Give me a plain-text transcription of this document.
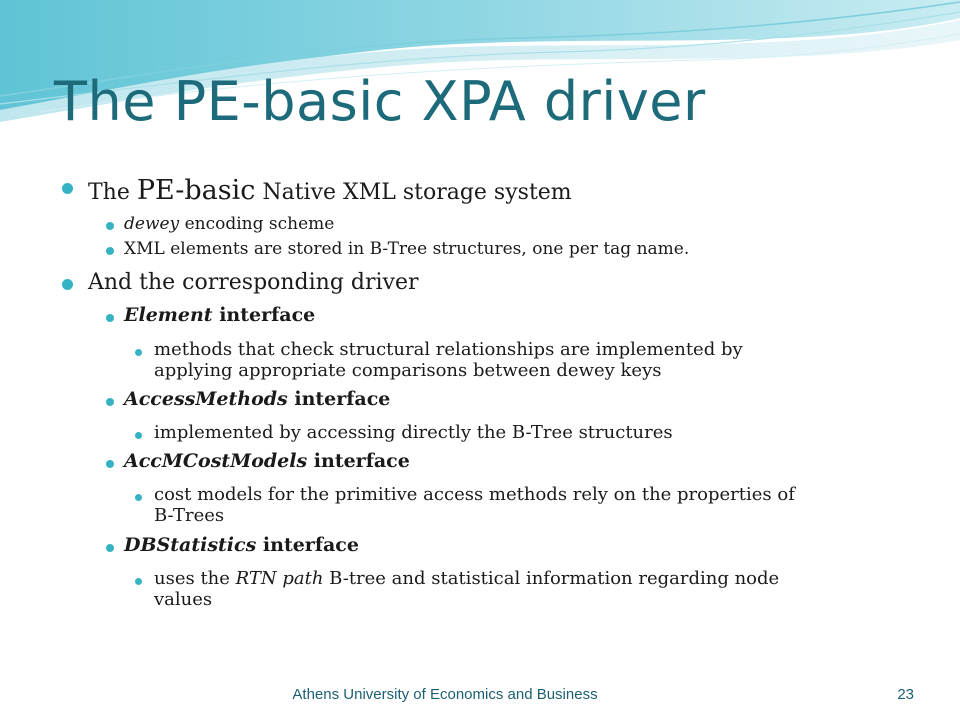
The PE-basic XPA driver
The PE-basic Native XML storage system
dewey encoding scheme
XML elements are stored in B-Tree structures, one per tag name.
And the corresponding driver
Element interface
methods that check structural relationships are implemented by
applying appropriate comparisons between dewey keys
AccessMethods interface
implemented by accessing directly the B-Tree structures
AccMCostModels interface
cost models for the primitive access methods rely on the properties of
B-Trees
DBStatistics interface
uses the RTN path B-tree and statistical information regarding node
values
Athens University of Economics and Business	23
